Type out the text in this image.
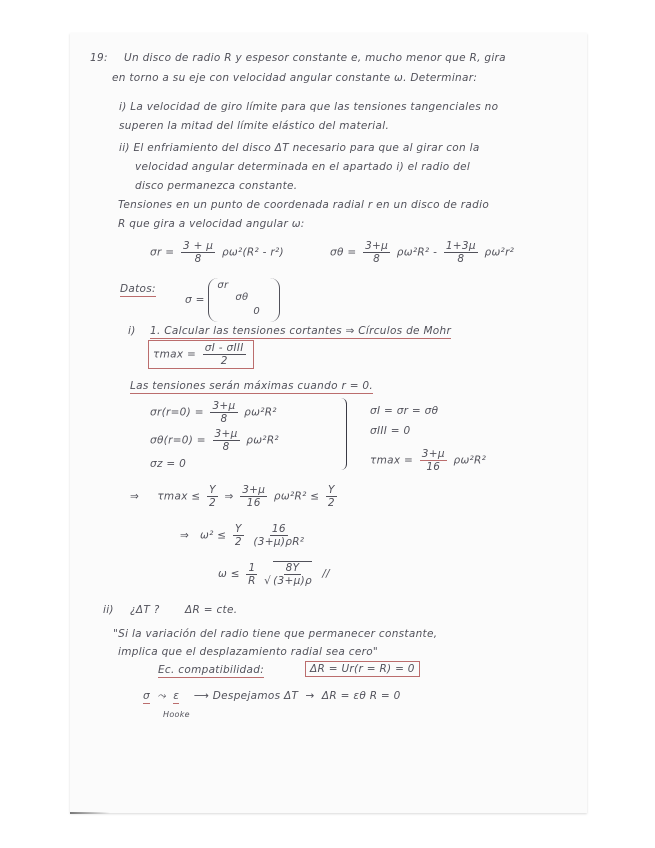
19: Un disco de radio R y espesor constante e, mucho menor que R, gira
en torno a su eje con velocidad angular constante ω. Determinar:
i) La velocidad de giro límite para que las tensiones tangenciales no
superen la mitad del límite elástico del material.
ii) El enfriamiento del disco ΔT necesario para que al girar con la
velocidad angular determinada en el apartado i) el radio del
disco permanezca constante.
Tensiones en un punto de coordenada radial r en un disco de radio
R que gira a velocidad angular ω:
$\sigma r = \frac{3 + \mu}{8} \rho\omega^2(R^2 - r^2)$	$\sigma\theta = \frac{3+\mu}{8} \rho\omega^2R^2 - \frac{1+3\mu}{8} \rho\omega^2r^2$
Datos:
σ =
σr
σθ
0
i) 1. Calcular las tensiones cortantes ⇒ Círculos de Mohr
$\tau\max = \frac{\text{σI - σIII}}{2}$
Las tensiones serán máximas cuando r = 0.
$\sigma r(r=0) = \frac{3+\mu}{8} \rho\omega^2R^2$
$\sigma\theta(r=0) = \frac{3+\mu}{8} \rho\omega^2R^2$
σz = 0
σI = σr = σθ
σIII = 0
$\tau\max = \frac{3+\mu}{16} \rho\omega^2R^2$
⇒ $\tau\max \le \frac{Y}{2}$ ⇒ $\frac{3+\mu}{16} \rho\omega^2R^2 \le \frac{Y}{2}$
⇒ $\omega^2 \le \frac{Y}{2}$
$\frac{16}{\text{(3+μ)ρR²}}$
$\omega \le \frac{1}{R}$ √ $\frac{8Y}{(3+\mu)\rho}$ //
ii) ¿ΔT ? ΔR = cte.
"Si la variación del radio tiene que permanecer constante,
implica que el desplazamiento radial sea cero"
Ec. compatibilidad:	ΔR = Ur(r = R) = 0
σ ⤳ ε ⟶ Despejamos ΔT → ΔR = εθ R = 0
Hooke
